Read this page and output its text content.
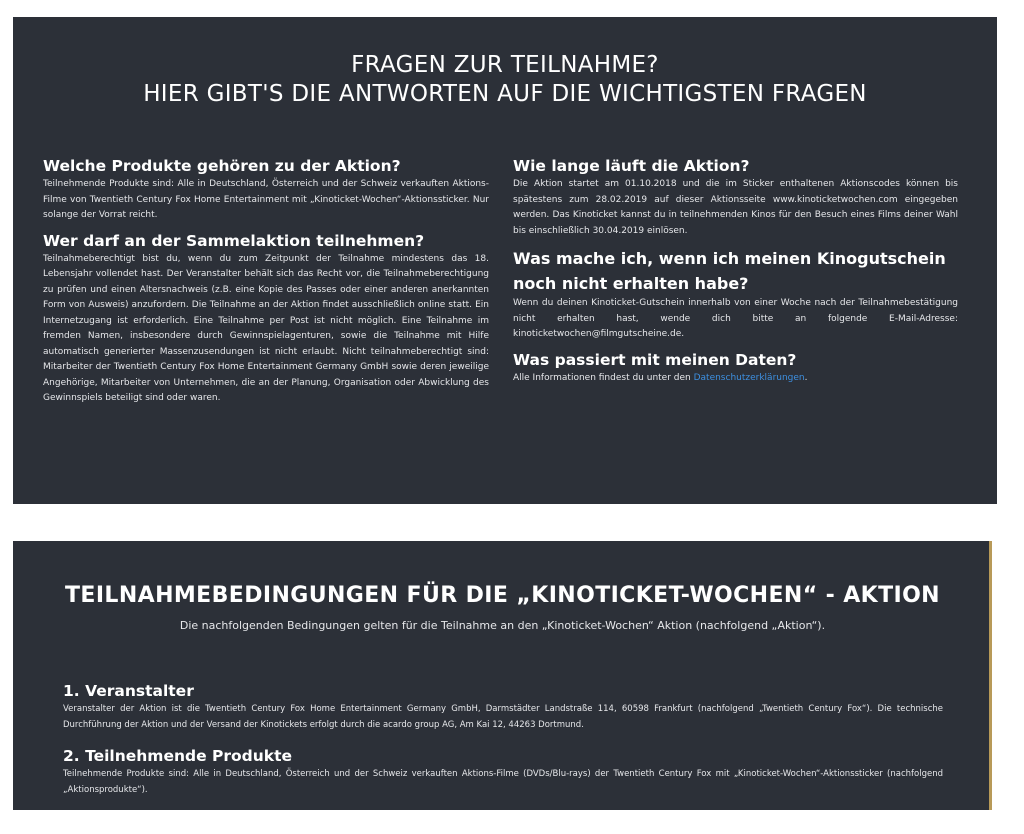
FRAGEN ZUR TEILNAHME?
HIER GIBT'S DIE ANTWORTEN AUF DIE WICHTIGSTEN FRAGEN
Welche Produkte gehören zu der Aktion?

Teilnehmende Produkte sind: Alle in Deutschland, Österreich und der Schweiz verkauften Aktions-Filme von Twentieth Century Fox Home Entertainment mit „Kinoticket-Wochen“-Aktionssticker. Nur solange der Vorrat reicht.

Wer darf an der Sammelaktion teilnehmen?

Teilnahmeberechtigt bist du, wenn du zum Zeitpunkt der Teilnahme mindestens das 18. Lebensjahr vollendet hast. Der Veranstalter behält sich das Recht vor, die Teilnahmeberechtigung zu prüfen und einen Altersnachweis (z.B. eine Kopie des Passes oder einer anderen anerkannten Form von Ausweis) anzufordern. Die Teilnahme an der Aktion findet ausschließlich online statt. Ein Internetzugang ist erforderlich. Eine Teilnahme per Post ist nicht möglich. Eine Teilnahme im fremden Namen, insbesondere durch Gewinnspielagenturen, sowie die Teilnahme mit Hilfe automatisch generierter Massenzusendungen ist nicht erlaubt. Nicht teilnahmeberechtigt sind: Mitarbeiter der Twentieth Century Fox Home Entertainment Germany GmbH sowie deren jeweilige Angehörige, Mitarbeiter von Unternehmen, die an der Planung, Organisation oder Abwicklung des Gewinnspiels beteiligt sind oder waren.

Wie lange läuft die Aktion?

Die Aktion startet am 01.10.2018 und die im Sticker enthaltenen Aktionscodes können bis spätestens zum 28.02.2019 auf dieser Aktionsseite www.kinoticketwochen.com eingegeben werden. Das Kinoticket kannst du in teilnehmenden Kinos für den Besuch eines Films deiner Wahl bis einschließlich 30.04.2019 einlösen.

Was mache ich, wenn ich meinen Kinogutschein noch nicht erhalten habe?

Wenn du deinen Kinoticket-Gutschein innerhalb von einer Woche nach der Teilnahmebestätigung nicht erhalten hast, wende dich bitte an folgende E-Mail-Adresse: kinoticketwochen@filmgutscheine.de.

Was passiert mit meinen Daten?

Alle Informationen findest du unter den Datenschutzerklärungen.

TEILNAHMEBEDINGUNGEN FÜR DIE „KINOTICKET-WOCHEN“ - AKTION

Die nachfolgenden Bedingungen gelten für die Teilnahme an den „Kinoticket-Wochen“ Aktion (nachfolgend „Aktion“).

1. Veranstalter

Veranstalter der Aktion ist die Twentieth Century Fox Home Entertainment Germany GmbH, Darmstädter Landstraße 114, 60598 Frankfurt (nachfolgend „Twentieth Century Fox“). Die technische Durchführung der Aktion und der Versand der Kinotickets erfolgt durch die acardo group AG, Am Kai 12, 44263 Dortmund.

2. Teilnehmende Produkte

Teilnehmende Produkte sind: Alle in Deutschland, Österreich und der Schweiz verkauften Aktions-Filme (DVDs/Blu-rays) der Twentieth Century Fox mit „Kinoticket-Wochen“-Aktionssticker (nachfolgend „Aktionsprodukte“).
